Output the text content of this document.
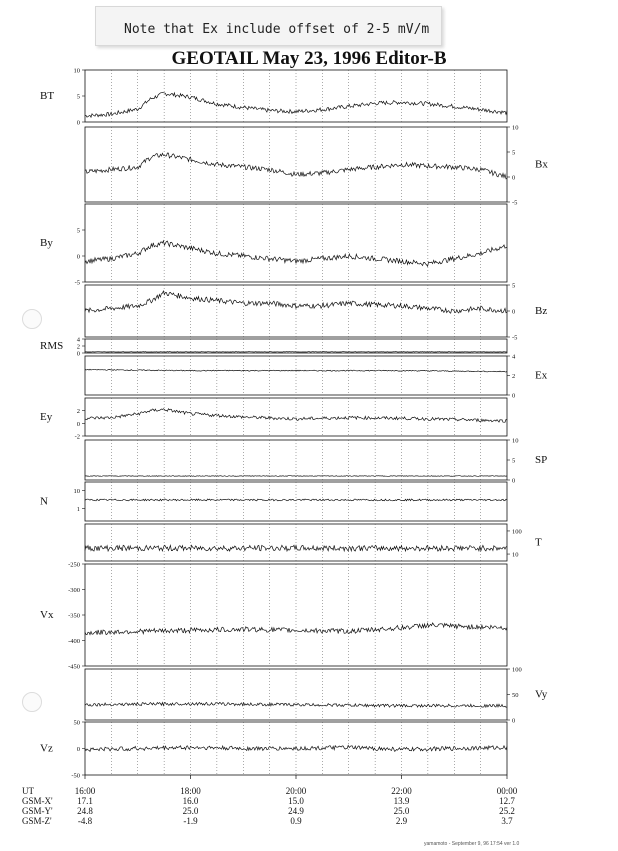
Note that Ex include offset of 2-5 mV/m
GEOTAIL May 23, 1996 Editor-B
0
5
10
BT
-5
0
5
10
Bx
-5
0
5
By
-5
0
5
Bz
0
2
4
RMS
0
2
4
Ex
-2
0
2
Ey
0
5
10
SP
1
10
N
10
100
T
-450
-400
-350
-300
-250
Vx
0
50
100
Vy
-50
0
50
Vz
UT	16:00	18:00	20:00	22:00	00:00
GSM-X'	17.1	16.0	15.0	13.9	12.7
GSM-Y'	24.8	25.0	24.9	25.0	25.2
GSM-Z'	-4.8	-1.9	0.9	2.9	3.7
yamamoto - September 9, 96 17:54 ver 1.0
